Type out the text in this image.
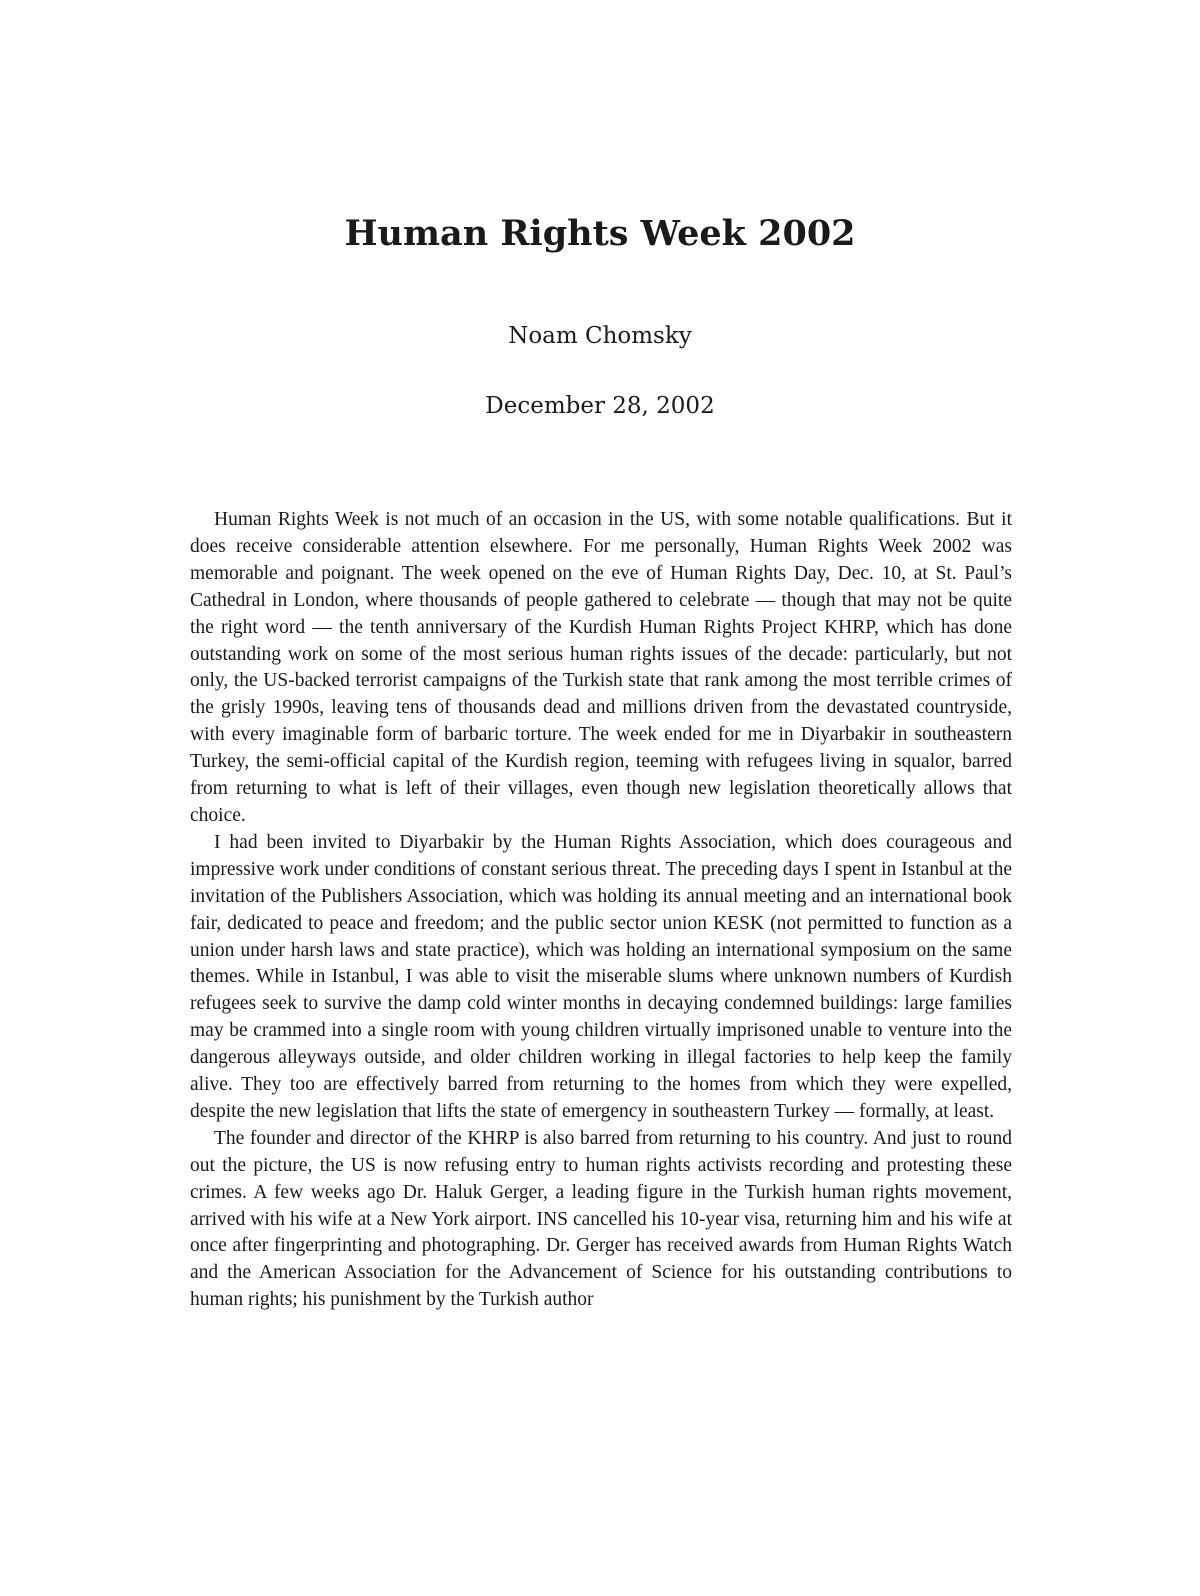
Human Rights Week 2002
Noam Chomsky
December 28, 2002

Human Rights Week is not much of an occasion in the US, with some notable qualifications. But it does receive considerable attention elsewhere. For me personally, Human Rights Week 2002 was memorable and poignant. The week opened on the eve of Human Rights Day, Dec. 10, at St. Paul’s Cathedral in London, where thousands of people gathered to celebrate — though that may not be quite the right word — the tenth anniversary of the Kurdish Human Rights Project KHRP, which has done outstanding work on some of the most serious human rights issues of the decade: particularly, but not only, the US-backed terrorist campaigns of the Turkish state that rank among the most terrible crimes of the grisly 1990s, leaving tens of thousands dead and millions driven from the devastated countryside, with every imaginable form of barbaric torture. The week ended for me in Diyarbakir in southeastern Turkey, the semi-official capital of the Kurdish region, teeming with refugees living in squalor, barred from returning to what is left of their villages, even though new legislation theoretically allows that choice.

I had been invited to Diyarbakir by the Human Rights Association, which does courageous and impressive work under conditions of constant serious threat. The preceding days I spent in Istanbul at the invitation of the Publishers Association, which was holding its annual meeting and an international book fair, dedicated to peace and freedom; and the public sector union KESK (not permitted to function as a union under harsh laws and state practice), which was holding an international symposium on the same themes. While in Istanbul, I was able to visit the miserable slums where unknown numbers of Kurdish refugees seek to survive the damp cold winter months in decaying condemned buildings: large families may be crammed into a single room with young children virtually imprisoned unable to venture into the dangerous alleyways outside, and older children working in illegal factories to help keep the family alive. They too are effectively barred from returning to the homes from which they were expelled, despite the new legislation that lifts the state of emergency in southeastern Turkey — formally, at least.

The founder and director of the KHRP is also barred from returning to his country. And just to round out the picture, the US is now refusing entry to human rights activists recording and protesting these crimes. A few weeks ago Dr. Haluk Gerger, a leading figure in the Turkish human rights movement, arrived with his wife at a New York airport. INS cancelled his 10-year visa, returning him and his wife at once after fingerprinting and photographing. Dr. Gerger has received awards from Human Rights Watch and the American Association for the Advancement of Science for his outstanding contributions to human rights; his punishment by the Turkish author
